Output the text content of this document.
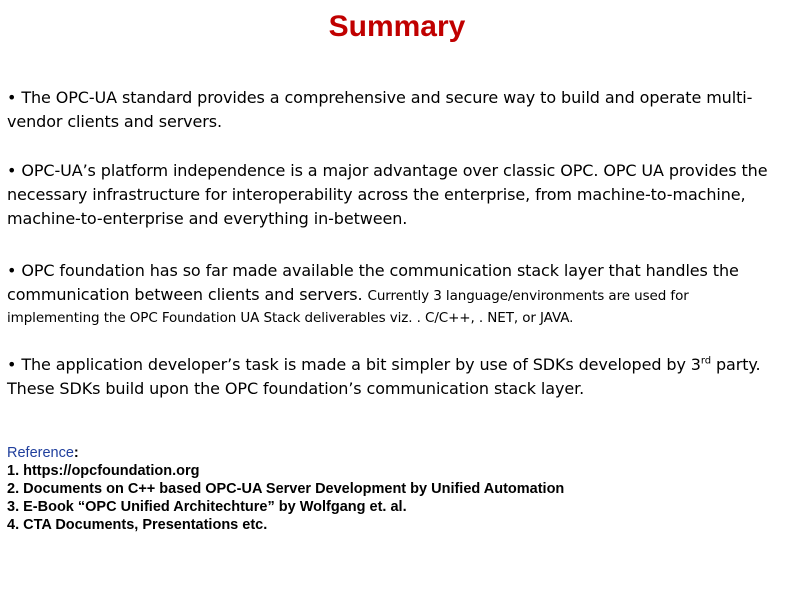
Summary

• The OPC-UA standard provides a comprehensive and secure way to build and operate multi-vendor clients and servers.

• OPC-UA’s platform independence is a major advantage over classic OPC. OPC UA provides the necessary infrastructure for interoperability across the enterprise, from machine-to-machine, machine-to-enterprise and everything in-between.

• OPC foundation has so far made available the communication stack layer that handles the communication between clients and servers. Currently 3 language/environments are used for
implementing the OPC Foundation UA Stack deliverables viz. . C/C++, . NET, or JAVA.

• The application developer’s task is made a bit simpler by use of SDKs developed by 3rd party. These SDKs build upon the OPC foundation’s communication stack layer.

Reference:
1. https://opcfoundation.org
2. Documents on C++ based OPC-UA Server Development by Unified Automation
3. E-Book “OPC Unified Architechture” by Wolfgang et. al.
4. CTA Documents, Presentations etc.
